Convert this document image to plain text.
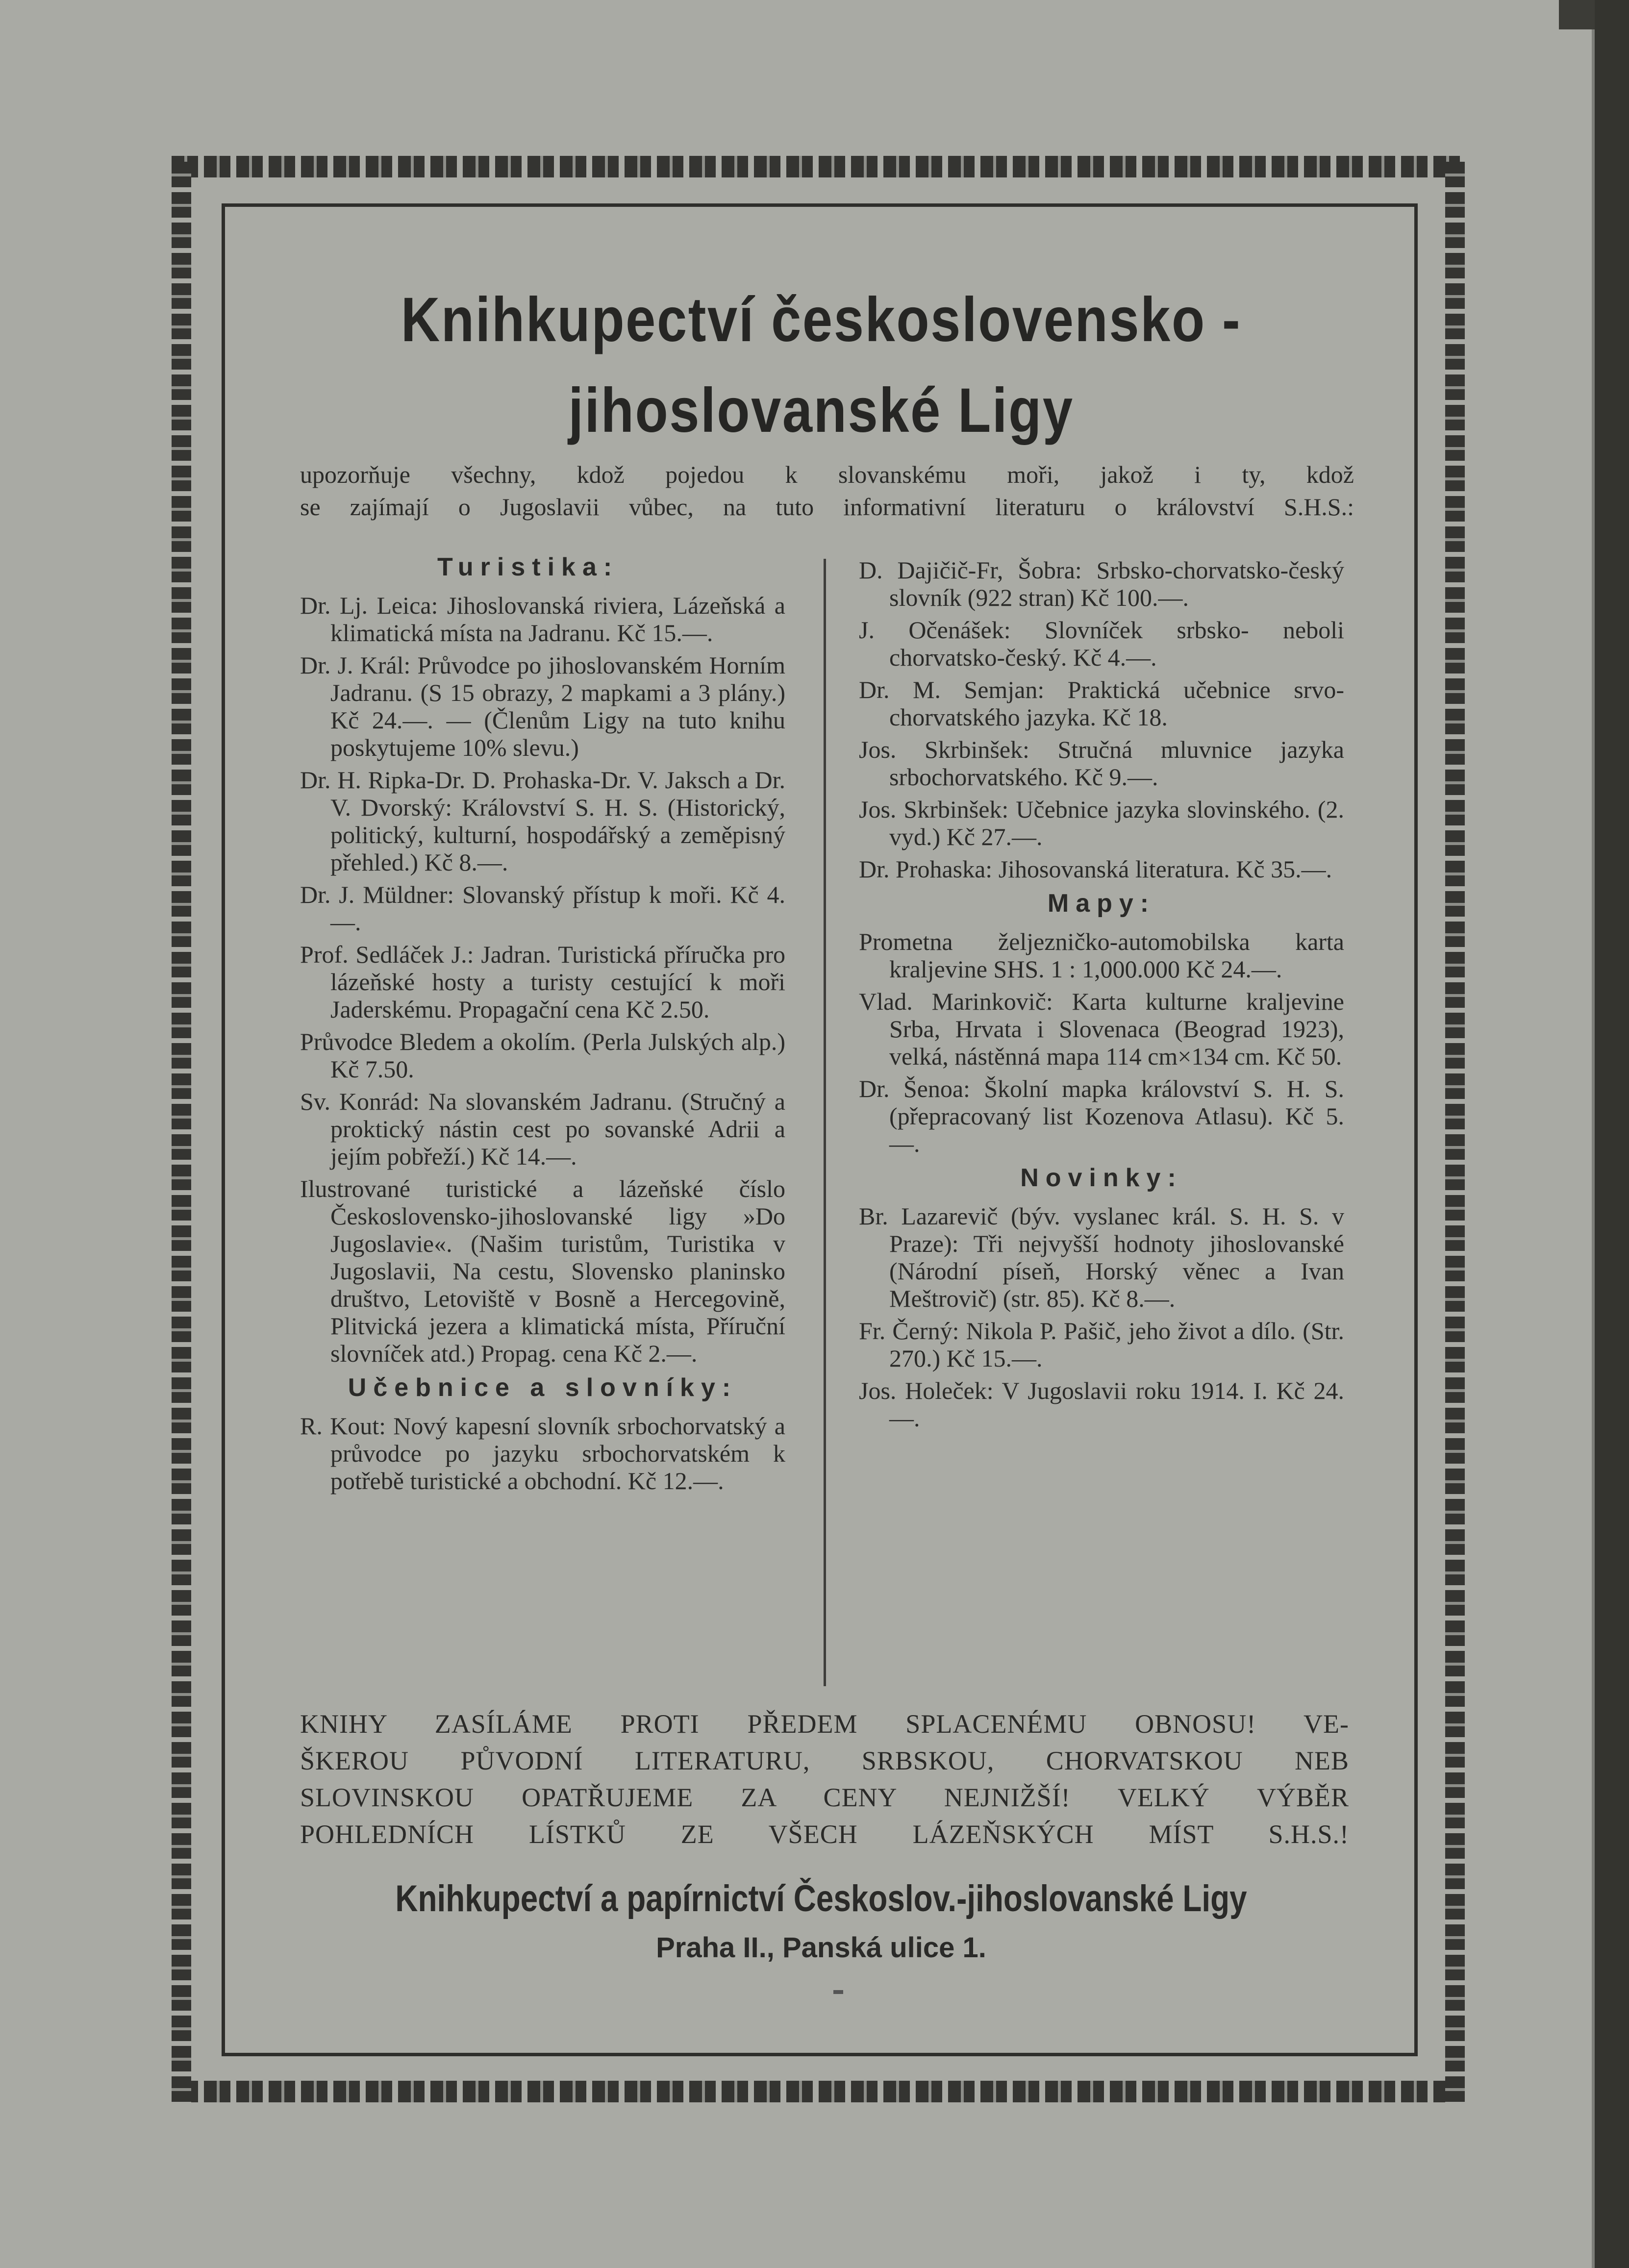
Knihkupectví československo -
jihoslovanské Ligy
upozorňuje všechny, kdož pojedou k slovanskému moři, jakož i ty, kdož
se zajímají o Jugoslavii vůbec, na tuto informativní literaturu o království S.H.S.:
Turistika:
Dr. Lj. Leica: Jihoslovanská riviera, Lázeňská a klimatická místa na Jadranu. Kč 15.—.
Dr. J. Král: Průvodce po jihoslovanském Horním Jadranu. (S 15 obrazy, 2 mapkami a 3 plány.) Kč 24.—. — (Členům Ligy na tuto knihu poskytujeme 10% slevu.)
Dr. H. Ripka-Dr. D. Prohaska-Dr. V. Jaksch a Dr. V. Dvorský: Království S. H. S. (Historický, politický, kulturní, hospodářský a zeměpisný přehled.) Kč 8.—.
Dr. J. Müldner: Slovanský přístup k moři. Kč 4.—.
Prof. Sedláček J.: Jadran. Turistická příručka pro lázeňské hosty a turisty cestující k moři Jaderskému. Propagační cena Kč 2.50.
Průvodce Bledem a okolím. (Perla Julských alp.) Kč 7.50.
Sv. Konrád: Na slovanském Jadranu. (Stručný a proktický nástin cest po sovanské Adrii a jejím pobřeží.) Kč 14.—.
Ilustrované turistické a lázeňské číslo Československo-jihoslovanské ligy »Do Jugoslavie«. (Našim turistům, Turistika v Jugoslavii, Na cestu, Slovensko planinsko društvo, Letoviště v Bosně a Hercegovině, Plitvická jezera a klimatická místa, Příruční slovníček atd.) Propag. cena Kč 2.—.
Učebnice a slovníky:
R. Kout: Nový kapesní slovník srbochorvatský a průvodce po jazyku srbochorvatském k potřebě turistické a obchodní. Kč 12.—.
D. Dajičič-Fr, Šobra: Srbsko-chorvatsko-český slovník (922 stran) Kč 100.—.
J. Očenášek: Slovníček srbsko- neboli chorvatsko-český. Kč 4.—.
Dr. M. Semjan: Praktická učebnice srvo-chorvatského jazyka. Kč 18.
Jos. Skrbinšek: Stručná mluvnice jazyka srbochorvatského. Kč 9.—.
Jos. Skrbinšek: Učebnice jazyka slovinského. (2. vyd.) Kč 27.—.
Dr. Prohaska: Jihosovanská literatura. Kč 35.—.
Mapy:
Prometna željezničko-automobilska karta kraljevine SHS. 1 : 1,000.000 Kč 24.—.
Vlad. Marinkovič: Karta kulturne kraljevine Srba, Hrvata i Slovenaca (Beograd 1923), velká, nástěnná mapa 114 cm×134 cm. Kč 50.
Dr. Šenoa: Školní mapka království S. H. S. (přepracovaný list Kozenova Atlasu). Kč 5.—.
Novinky:
Br. Lazarevič (býv. vyslanec král. S. H. S. v Praze): Tři nejvyšší hodnoty jihoslovanské (Národní píseň, Horský věnec a Ivan Meštrovič) (str. 85). Kč 8.—.
Fr. Černý: Nikola P. Pašič, jeho život a dílo. (Str. 270.) Kč 15.—.
Jos. Holeček: V Jugoslavii roku 1914. I. Kč 24.—.
KNIHY ZASÍLÁME PROTI PŘEDEM SPLACENÉMU OBNOSU! VE-
ŠKEROU PŮVODNÍ LITERATURU, SRBSKOU, CHORVATSKOU NEB
SLOVINSKOU OPATŘUJEME ZA CENY NEJNIŽŠÍ! VELKÝ VÝBĚR
POHLEDNÍCH LÍSTKŮ ZE VŠECH LÁZEŇSKÝCH MÍST S.H.S.!
Knihkupectví a papírnictví Českoslov.-jihoslovanské Ligy
Praha II., Panská ulice 1.
